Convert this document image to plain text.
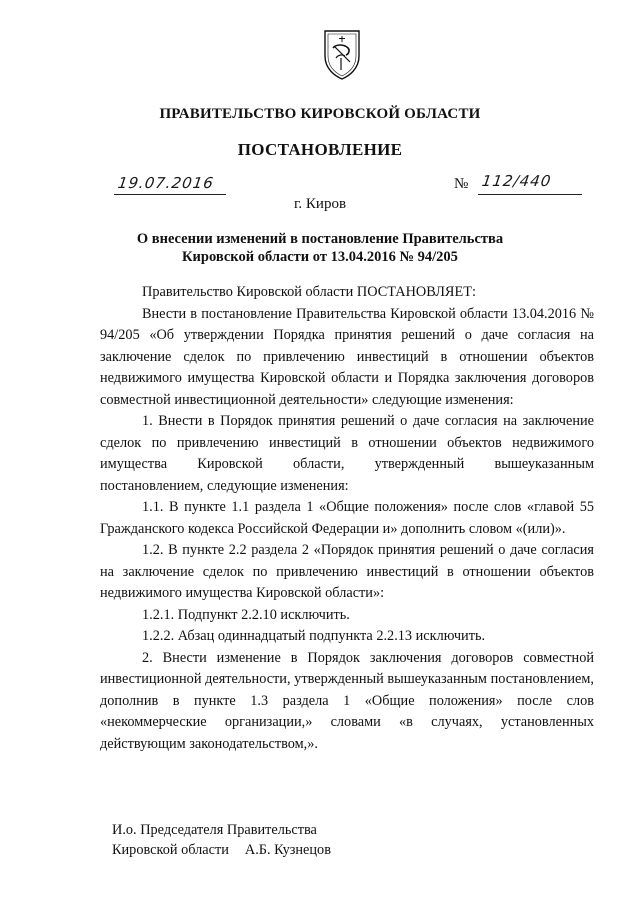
ПРАВИТЕЛЬСТВО КИРОВСКОЙ ОБЛАСТИ
ПОСТАНОВЛЕНИЕ
19.07.2016	№ 112/440
г. Киров
О внесении изменений в постановление Правительства
Кировской области от 13.04.2016 № 94/205

Правительство Кировской области ПОСТАНОВЛЯЕТ:

Внести в постановление Правительства Кировской области 13.04.2016 № 94/205 «Об утверждении Порядка принятия решений о даче согласия на заключение сделок по привлечению инвестиций в отношении объектов недвижимого имущества Кировской области и Порядка заключения договоров совместной инвестиционной деятельности» следующие изменения:

1. Внести в Порядок принятия решений о даче согласия на заключение сделок по привлечению инвестиций в отношении объектов недвижимого имущества Кировской области, утвержденный вышеуказанным постановлением, следующие изменения:

1.1. В пункте 1.1 раздела 1 «Общие положения» после слов «главой 55 Гражданского кодекса Российской Федерации и» дополнить словом «(или)».

1.2. В пункте 2.2 раздела 2 «Порядок принятия решений о даче согласия на заключение сделок по привлечению инвестиций в отношении объектов недвижимого имущества Кировской области»:

1.2.1. Подпункт 2.2.10 исключить.

1.2.2. Абзац одиннадцатый подпункта 2.2.13 исключить.

2. Внести изменение в Порядок заключения договоров совместной инвестиционной деятельности, утвержденный вышеуказанным постановлением, дополнив в пункте 1.3 раздела 1 «Общие положения» после слов «некоммерческие организации,» словами «в случаях, установленных действующим законодательством,».

И.о. Председателя Правительства
Кировской области А.Б. Кузнецов
